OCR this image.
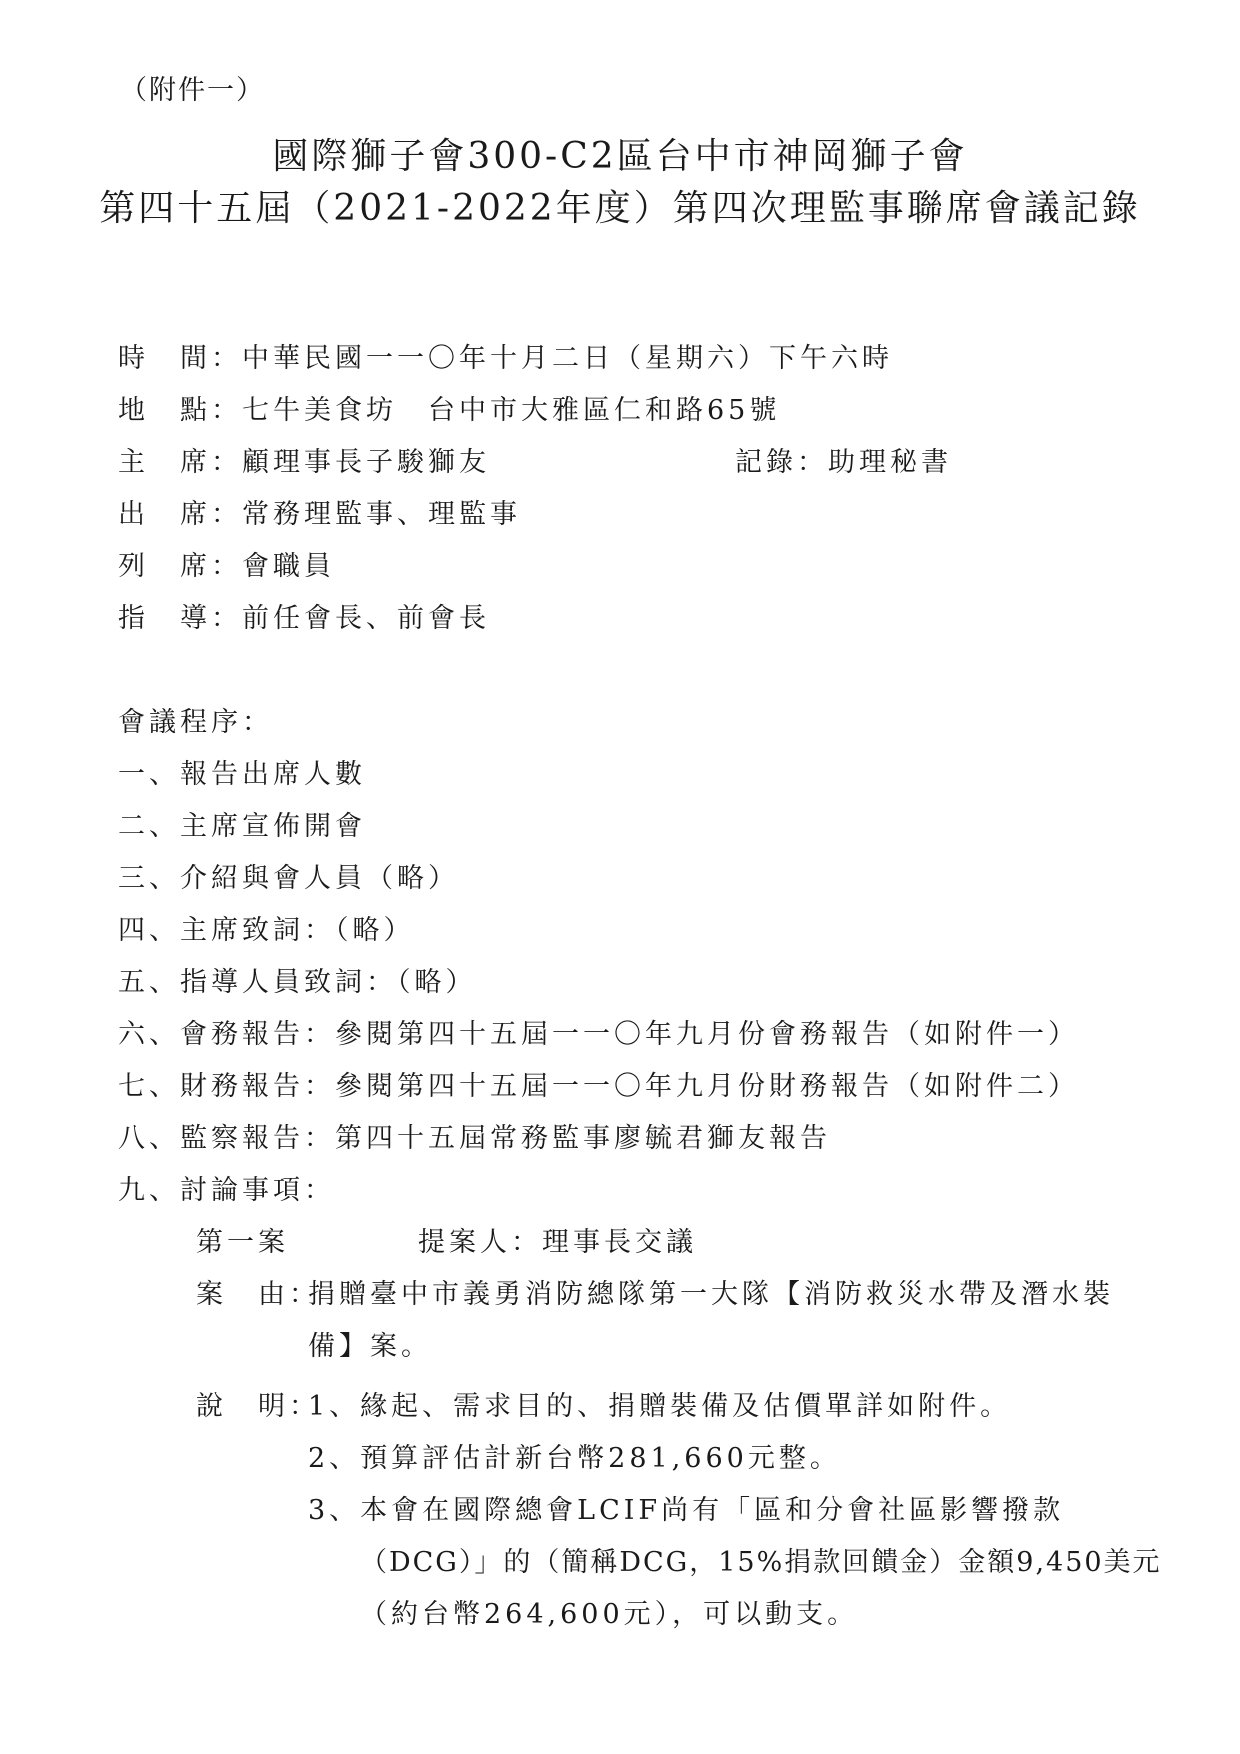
（附件一）
國際獅子會300-C2區台中市神岡獅子會
第四十五屆（2021-2022年度）第四次理監事聯席會議記錄
時　間：中華民國一一〇年十月二日（星期六）下午六時
地　點：七牛美食坊　台中市大雅區仁和路65號
主　席：顧理事長子駿獅友	記錄：助理秘書
出　席：常務理監事、理監事
列　席：會職員
指　導：前任會長、前會長
會議程序：
一、報告出席人數
二、主席宣佈開會
三、介紹與會人員（略）
四、主席致詞：（略）
五、指導人員致詞：（略）
六、會務報告：參閱第四十五屆一一〇年九月份會務報告（如附件一）
七、財務報告：參閱第四十五屆一一〇年九月份財務報告（如附件二）
八、監察報告：第四十五屆常務監事廖毓君獅友報告
九、討論事項：
第一案	提案人：理事長交議
案　由：
捐贈臺中市義勇消防總隊第一大隊【消防救災水帶及潛水裝
備】案。
說　明：
1、緣起、需求目的、捐贈裝備及估價單詳如附件。
2、預算評估計新台幣281,660元整。
3、本會在國際總會LCIF尚有「區和分會社區影響撥款
（DCG）」的（簡稱DCG，15%捐款回饋金）金額9,450美元
（約台幣264,600元），可以動支。
